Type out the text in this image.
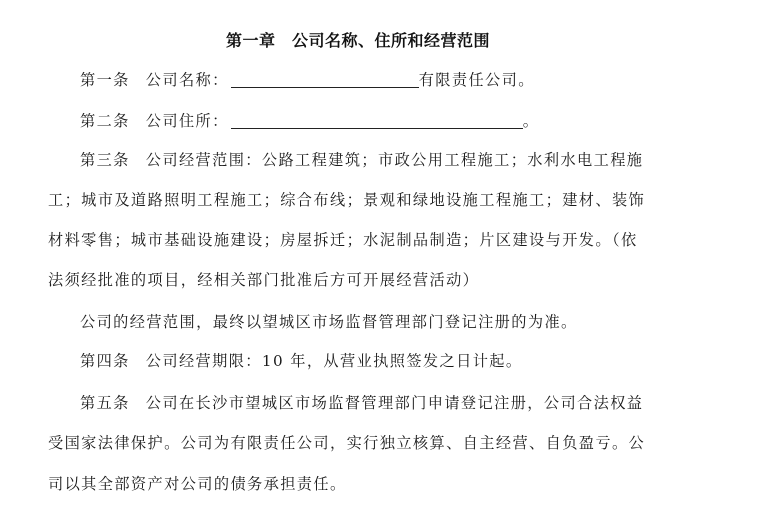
第一章　公司名称、住所和经营范围
第一条 公司名称：	有限责任公司。
第二条 公司住所：	。
第三条 公司经营范围：公路工程建筑；市政公用工程施工；水利水电工程施
工；城市及道路照明工程施工；综合布线；景观和绿地设施工程施工；建材、装饰
材料零售；城市基础设施建设；房屋拆迁；水泥制品制造；片区建设与开发。（依
法须经批准的项目，经相关部门批准后方可开展经营活动）
公司的经营范围，最终以望城区市场监督管理部门登记注册的为准。
第四条 公司经营期限：10 年，从营业执照签发之日计起。
第五条 公司在长沙市望城区市场监督管理部门申请登记注册，公司合法权益
受国家法律保护。公司为有限责任公司，实行独立核算、自主经营、自负盈亏。公
司以其全部资产对公司的债务承担责任。
